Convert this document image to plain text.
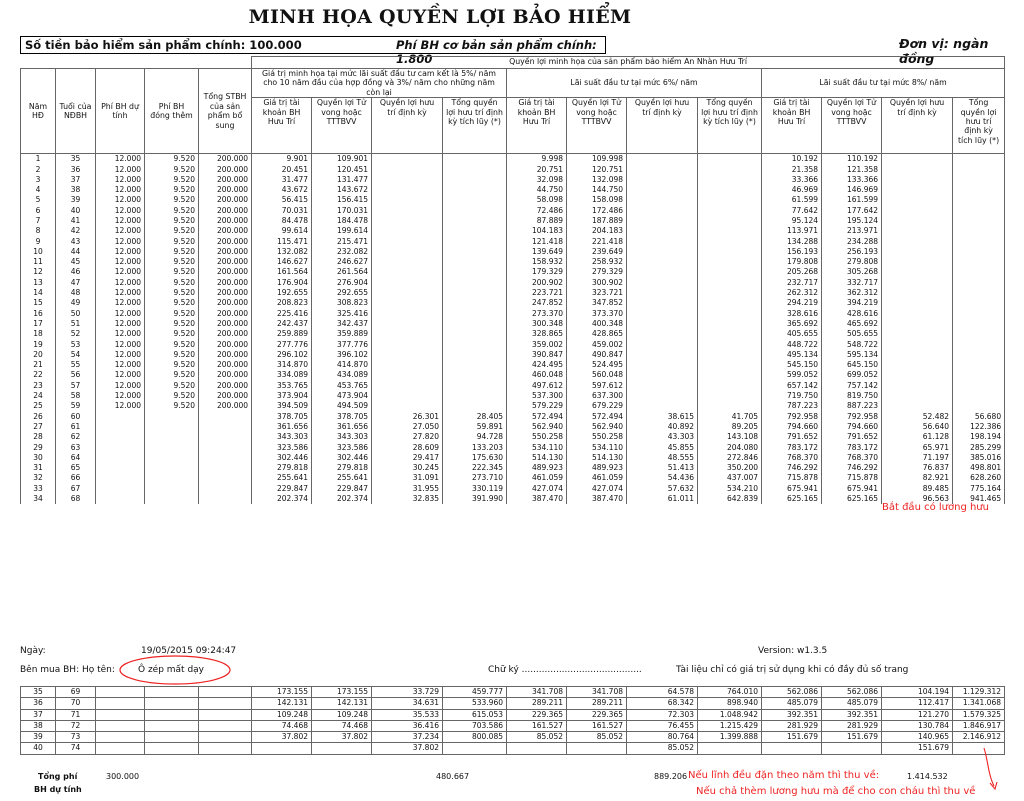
MINH HỌA QUYỀN LỢI BẢO HIỂM
Số tiền bảo hiểm sản phẩm chính: 100.000	Phí BH cơ bản sản phẩm chính: 1.800
Đơn vị: ngàn đồng
					Quyền lợi minh họa của sản phẩm bảo hiểm An Nhàn Hưu Trí											
Năm HĐ	Tuổi của NĐBH	Phí BH dự tính	Phí BH đóng thêm	Tổng STBH của sản phẩm bổ sung	Giá trị minh họa tại mức lãi suất đầu tư cam kết là 5%/ năm cho 10 năm đầu của hợp đồng và 3%/ năm cho những năm còn lại				Lãi suất đầu tư tại mức 6%/ năm				Lãi suất đầu tư tại mức 8%/ năm			
					Giá trị tài khoản BH Hưu Trí	Quyền lợi Tử vong hoặc TTTBVV	Quyền lợi hưu trí định kỳ	Tổng quyền lợi hưu trí định kỳ tích lũy (*)	Giá trị tài khoản BH Hưu Trí	Quyền lợi Tử vong hoặc TTTBVV	Quyền lợi hưu trí định kỳ	Tổng quyền lợi hưu trí định kỳ tích lũy (*)	Giá trị tài khoản BH Hưu Trí	Quyền lợi Tử vong hoặc TTTBVV	Quyền lợi hưu trí định kỳ	Tổng quyền lợi hưu trí định kỳ tích lũy (*)
1	35	12.000	9.520	200.000	9.901	109.901			9.998	109.998			10.192	110.192		
2	36	12.000	9.520	200.000	20.451	120.451			20.751	120.751			21.358	121.358		
3	37	12.000	9.520	200.000	31.477	131.477			32.098	132.098			33.366	133.366		
4	38	12.000	9.520	200.000	43.672	143.672			44.750	144.750			46.969	146.969		
5	39	12.000	9.520	200.000	56.415	156.415			58.098	158.098			61.599	161.599		
6	40	12.000	9.520	200.000	70.031	170.031			72.486	172.486			77.642	177.642		
7	41	12.000	9.520	200.000	84.478	184.478			87.889	187.889			95.124	195.124		
8	42	12.000	9.520	200.000	99.614	199.614			104.183	204.183			113.971	213.971		
9	43	12.000	9.520	200.000	115.471	215.471			121.418	221.418			134.288	234.288		
10	44	12.000	9.520	200.000	132.082	232.082			139.649	239.649			156.193	256.193		
11	45	12.000	9.520	200.000	146.627	246.627			158.932	258.932			179.808	279.808		
12	46	12.000	9.520	200.000	161.564	261.564			179.329	279.329			205.268	305.268		
13	47	12.000	9.520	200.000	176.904	276.904			200.902	300.902			232.717	332.717		
14	48	12.000	9.520	200.000	192.655	292.655			223.721	323.721			262.312	362.312		
15	49	12.000	9.520	200.000	208.823	308.823			247.852	347.852			294.219	394.219		
16	50	12.000	9.520	200.000	225.416	325.416			273.370	373.370			328.616	428.616		
17	51	12.000	9.520	200.000	242.437	342.437			300.348	400.348			365.692	465.692		
18	52	12.000	9.520	200.000	259.889	359.889			328.865	428.865			405.655	505.655		
19	53	12.000	9.520	200.000	277.776	377.776			359.002	459.002			448.722	548.722		
20	54	12.000	9.520	200.000	296.102	396.102			390.847	490.847			495.134	595.134		
21	55	12.000	9.520	200.000	314.870	414.870			424.495	524.495			545.150	645.150		
22	56	12.000	9.520	200.000	334.089	434.089			460.048	560.048			599.052	699.052		
23	57	12.000	9.520	200.000	353.765	453.765			497.612	597.612			657.142	757.142		
24	58	12.000	9.520	200.000	373.904	473.904			537.300	637.300			719.750	819.750		
25	59	12.000	9.520	200.000	394.509	494.509			579.229	679.229			787.223	887.223		
26	60				378.705	378.705	26.301	28.405	572.494	572.494	38.615	41.705	792.958	792.958	52.482	56.680
27	61				361.656	361.656	27.050	59.891	562.940	562.940	40.892	89.205	794.660	794.660	56.640	122.386
28	62				343.303	343.303	27.820	94.728	550.258	550.258	43.303	143.108	791.652	791.652	61.128	198.194
29	63				323.586	323.586	28.609	133.203	534.110	534.110	45.855	204.080	783.172	783.172	65.971	285.299
30	64				302.446	302.446	29.417	175.630	514.130	514.130	48.555	272.846	768.370	768.370	71.197	385.016
31	65				279.818	279.818	30.245	222.345	489.923	489.923	51.413	350.200	746.292	746.292	76.837	498.801
32	66				255.641	255.641	31.091	273.710	461.059	461.059	54.436	437.007	715.878	715.878	82.921	628.260
33	67				229.847	229.847	31.955	330.119	427.074	427.074	57.632	534.210	675.941	675.941	89.485	775.164
34	68				202.374	202.374	32.835	391.990	387.470	387.470	61.011	642.839	625.165	625.165	96.563	941.465
Ngày:	19/05/2015 09:24:47	Version: w1.3.5
Bên mua BH: Họ tên:	Ô zép mất dạy	Chữ ký ..........................................	Tài liệu chỉ có giá trị sử dụng khi có đầy đủ số trang
35	69				173.155	173.155	33.729	459.777	341.708	341.708	64.578	764.010	562.086	562.086	104.194	1.129.312
36	70				142.131	142.131	34.631	533.960	289.211	289.211	68.342	898.940	485.079	485.079	112.417	1.341.068
37	71				109.248	109.248	35.533	615.053	229.365	229.365	72.303	1.048.942	392.351	392.351	121.270	1.579.325
38	72				74.468	74.468	36.416	703.586	161.527	161.527	76.455	1.215.429	281.929	281.929	130.784	1.846.917
39	73				37.802	37.802	37.234	800.085	85.052	85.052	80.764	1.399.888	151.679	151.679	140.965	2.146.912
40	74						37.802				85.052				151.679	
Tổng phí
BH dự tính
300.000	480.667	889.206	1.414.532
Bắt đầu có lương hưu
Nếu lĩnh đều đặn theo năm thì thu về:
Nếu chả thèm lương hưu mà để cho con cháu thì thu về
